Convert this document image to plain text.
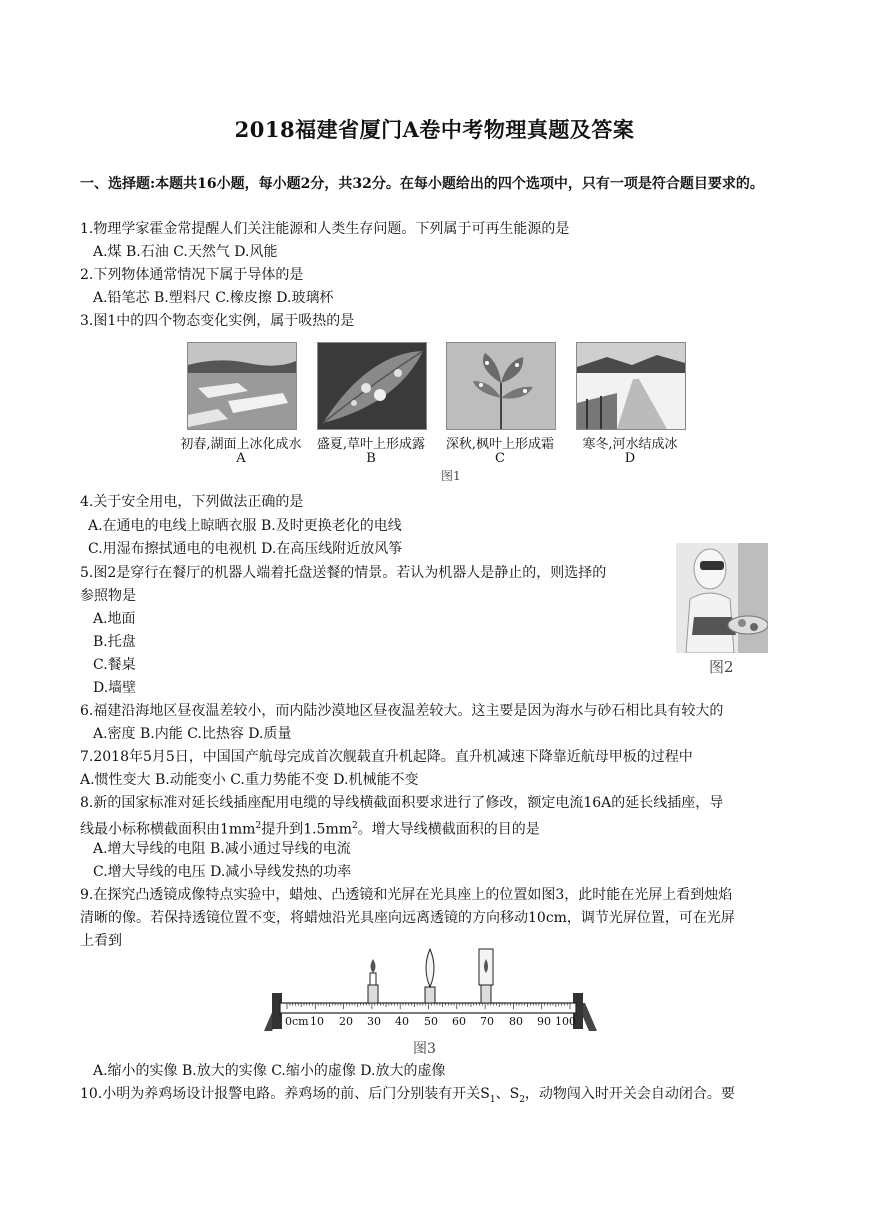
2018福建省厦门A卷中考物理真题及答案
一、选择题:本题共16小题，每小题2分，共32分。在每小题给出的四个选项中，只有一项是符合题目要求的。
1.物理学家霍金常提醒人们关注能源和人类生存问题。下列属于可再生能源的是
A.煤 B.石油 C.天然气 D.风能
2.下列物体通常情况下属于导体的是
A.铅笔芯 B.塑料尺 C.橡皮擦 D.玻璃杯
3.图1中的四个物态变化实例，属于吸热的是
初春,湖面上冰化成水	盛夏,草叶上形成露	深秋,枫叶上形成霜	寒冬,河水结成冰
A	B	C	D
图1
4.关于安全用电，下列做法正确的是
A.在通电的电线上晾晒衣服 B.及时更换老化的电线
C.用湿布擦拭通电的电视机 D.在高压线附近放风筝
5.图2是穿行在餐厅的机器人端着托盘送餐的情景。若认为机器人是静止的，则选择的
参照物是
A.地面
B.托盘
C.餐桌
D.墙壁
图2
6.福建沿海地区昼夜温差较小，而内陆沙漠地区昼夜温差较大。这主要是因为海水与砂石相比具有较大的
A.密度 B.内能 C.比热容 D.质量
7.2018年5月5日，中国国产航母完成首次舰载直升机起降。直升机减速下降靠近航母甲板的过程中
A.惯性变大 B.动能变小 C.重力势能不变 D.机械能不变
8.新的国家标准对延长线插座配用电缆的导线横截面积要求进行了修改，额定电流16A的延长线插座，导
线最小标称横截面积由$1mm^2$提升到$1.5mm^2$。增大导线横截面积的目的是
A.增大导线的电阻 B.减小通过导线的电流
C.增大导线的电压 D.减小导线发热的功率
9.在探究凸透镜成像特点实验中，蜡烛、凸透镜和光屏在光具座上的位置如图3，此时能在光屏上看到烛焰
清晰的像。若保持透镜位置不变，将蜡烛沿光具座向远离透镜的方向移动10cm，调节光屏位置，可在光屏
上看到
0cm 10 20 30 40 50 60 70 80 90 100
图3
A.缩小的实像 B.放大的实像 C.缩小的虚像 D.放大的虚像
10.小明为养鸡场设计报警电路。养鸡场的前、后门分别装有开关$S_1$、$S_2$，动物闯入时开关会自动闭合。要
